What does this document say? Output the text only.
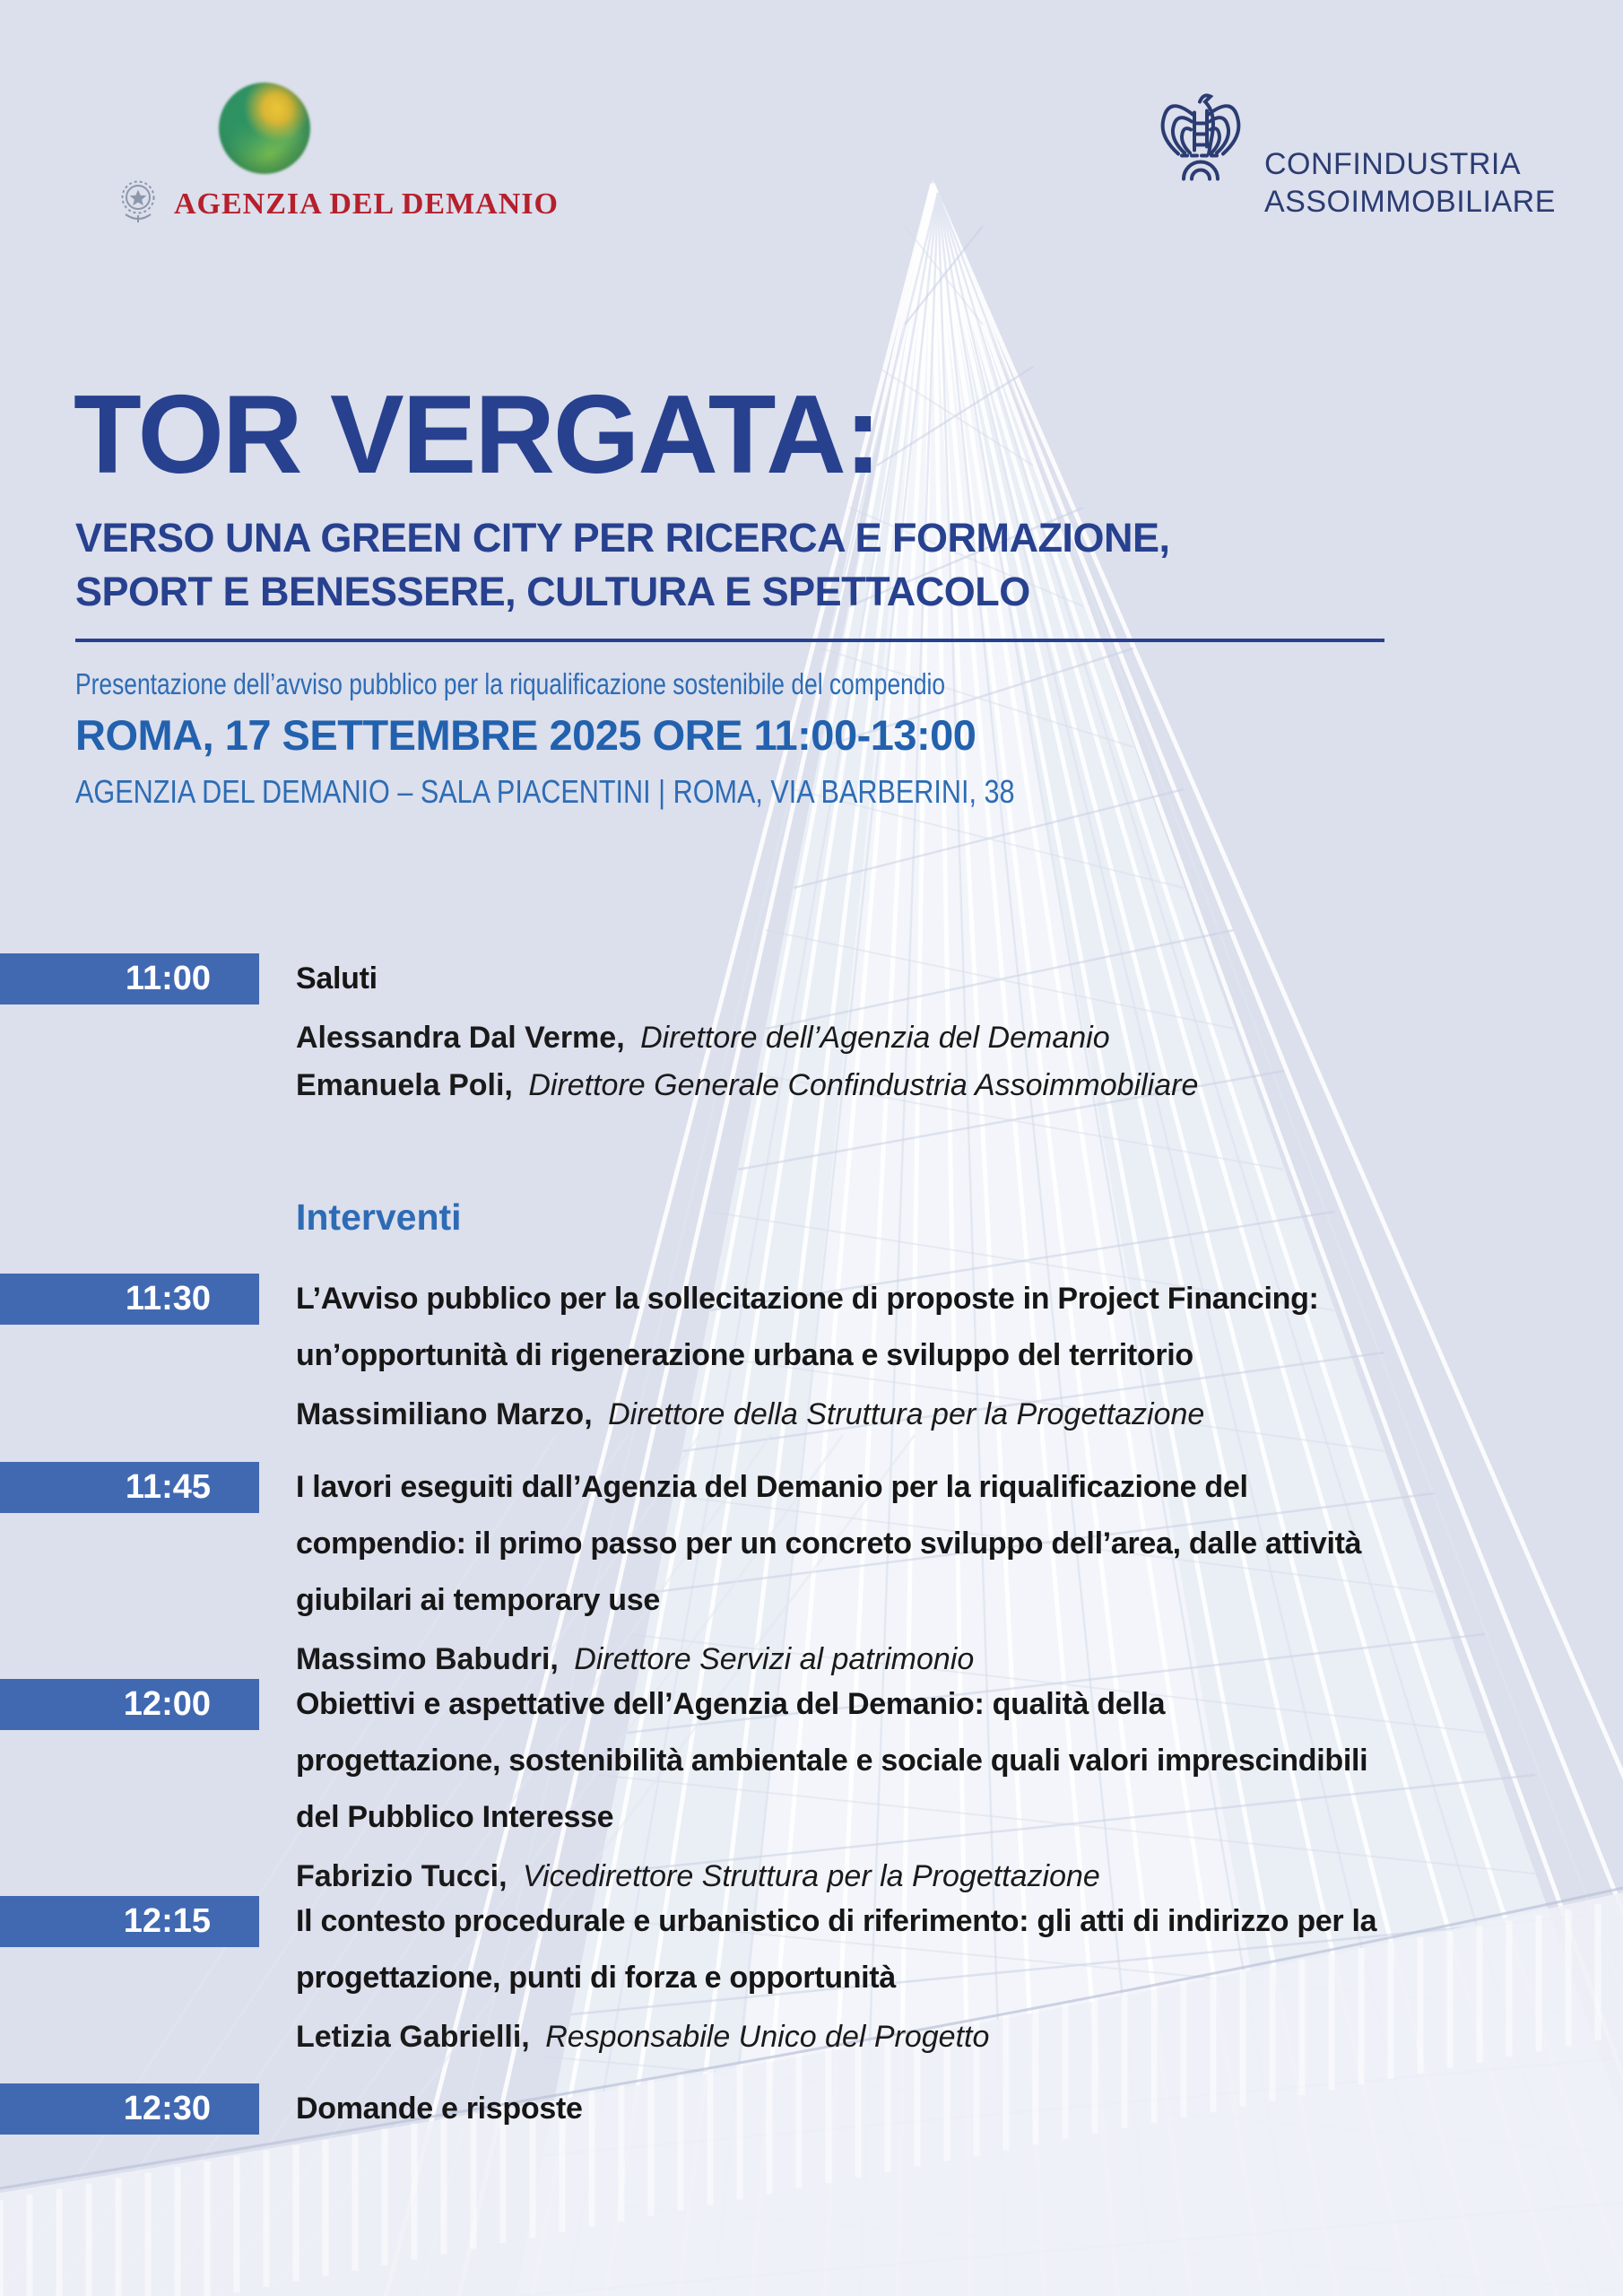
AGENZIA DEL DEMANIO
CONFINDUSTRIA
ASSOIMMOBILIARE
TOR VERGATA:
VERSO UNA GREEN CITY PER RICERCA E FORMAZIONE,
SPORT E BENESSERE, CULTURA E SPETTACOLO
Presentazione dell’avviso pubblico per la riqualificazione sostenibile del compendio
ROMA, 17 SETTEMBRE 2025 ORE 11:00-13:00
AGENZIA DEL DEMANIO – SALA PIACENTINI | ROMA, VIA BARBERINI, 38
11:00	Saluti
Alessandra Dal Verme, Direttore dell’Agenzia del Demanio
Emanuela Poli, Direttore Generale Confindustria Assoimmobiliare
Interventi
11:30	L’Avviso pubblico per la sollecitazione di proposte in Project Financing:
un’opportunità di rigenerazione urbana e sviluppo del territorio
Massimiliano Marzo, Direttore della Struttura per la Progettazione
11:45	I lavori eseguiti dall’Agenzia del Demanio per la riqualificazione del
compendio: il primo passo per un concreto sviluppo dell’area, dalle attività
giubilari ai temporary use
Massimo Babudri, Direttore Servizi al patrimonio
12:00	Obiettivi e aspettative dell’Agenzia del Demanio: qualità della
progettazione, sostenibilità ambientale e sociale quali valori imprescindibili
del Pubblico Interesse
Fabrizio Tucci, Vicedirettore Struttura per la Progettazione
12:15	Il contesto procedurale e urbanistico di riferimento: gli atti di indirizzo per la
progettazione, punti di forza e opportunità
Letizia Gabrielli, Responsabile Unico del Progetto
12:30	Domande e risposte
